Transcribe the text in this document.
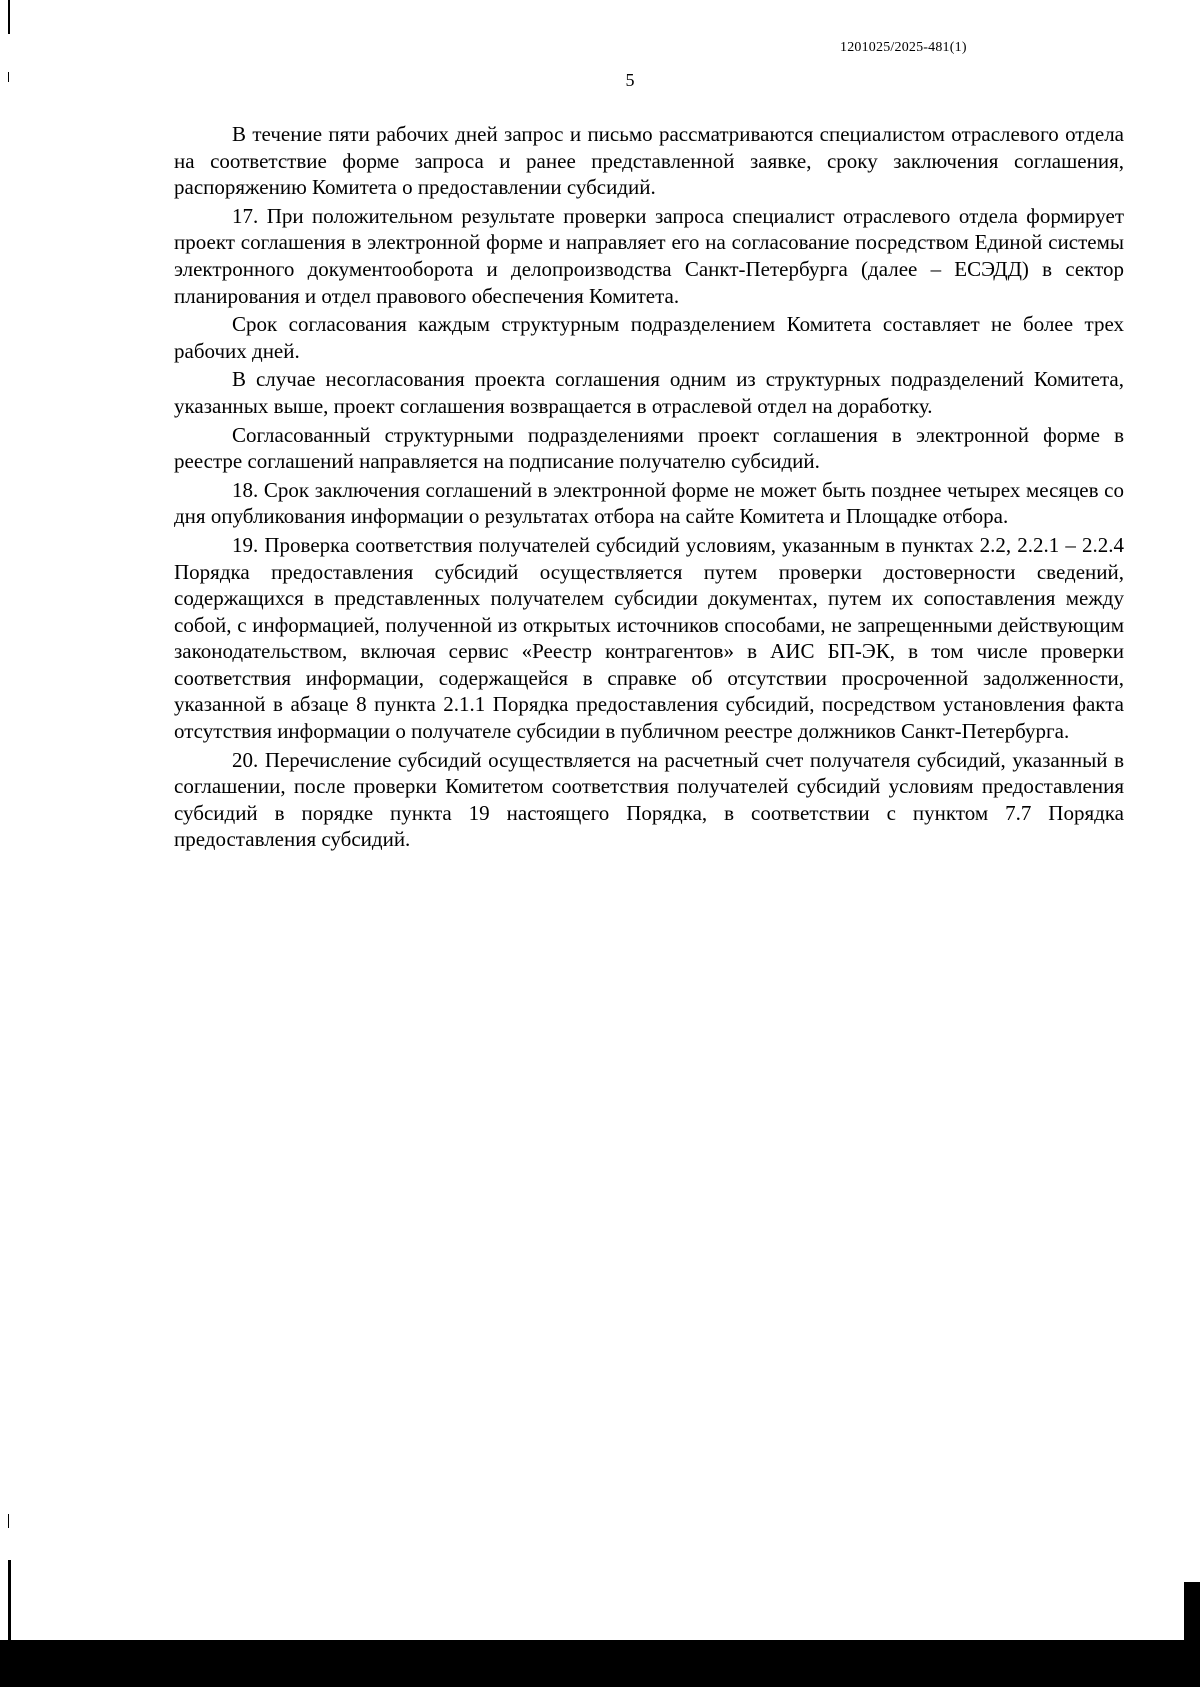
1201025/2025-481(1)
5

В течение пяти рабочих дней запрос и письмо рассматриваются специалистом отраслевого отдела на соответствие форме запроса и ранее представленной заявке, сроку заключения соглашения, распоряжению Комитета о предоставлении субсидий.

17. При положительном результате проверки запроса специалист отраслевого отдела формирует проект соглашения в электронной форме и направляет его на согласование посредством Единой системы электронного документооборота и делопроизводства Санкт-Петербурга (далее – ЕСЭДД) в сектор планирования и отдел правового обеспечения Комитета.

Срок согласования каждым структурным подразделением Комитета составляет не более трех рабочих дней.

В случае несогласования проекта соглашения одним из структурных подразделений Комитета, указанных выше, проект соглашения возвращается в отраслевой отдел на доработку.

Согласованный структурными подразделениями проект соглашения в электронной форме в реестре соглашений направляется на подписание получателю субсидий.

18. Срок заключения соглашений в электронной форме не может быть позднее четырех месяцев со дня опубликования информации о результатах отбора на сайте Комитета и Площадке отбора.

19. Проверка соответствия получателей субсидий условиям, указанным в пунктах 2.2, 2.2.1 – 2.2.4 Порядка предоставления субсидий осуществляется путем проверки достоверности сведений, содержащихся в представленных получателем субсидии документах, путем их сопоставления между собой, с информацией, полученной из открытых источников способами, не запрещенными действующим законодательством, включая сервис «Реестр контрагентов» в АИС БП-ЭК, в том числе проверки соответствия информации, содержащейся в справке об отсутствии просроченной задолженности, указанной в абзаце 8 пункта 2.1.1 Порядка предоставления субсидий, посредством установления факта отсутствия информации о получателе субсидии в публичном реестре должников Санкт-Петербурга.

20. Перечисление субсидий осуществляется на расчетный счет получателя субсидий, указанный в соглашении, после проверки Комитетом соответствия получателей субсидий условиям предоставления субсидий в порядке пункта 19 настоящего Порядка, в соответствии с пунктом 7.7 Порядка предоставления субсидий.
